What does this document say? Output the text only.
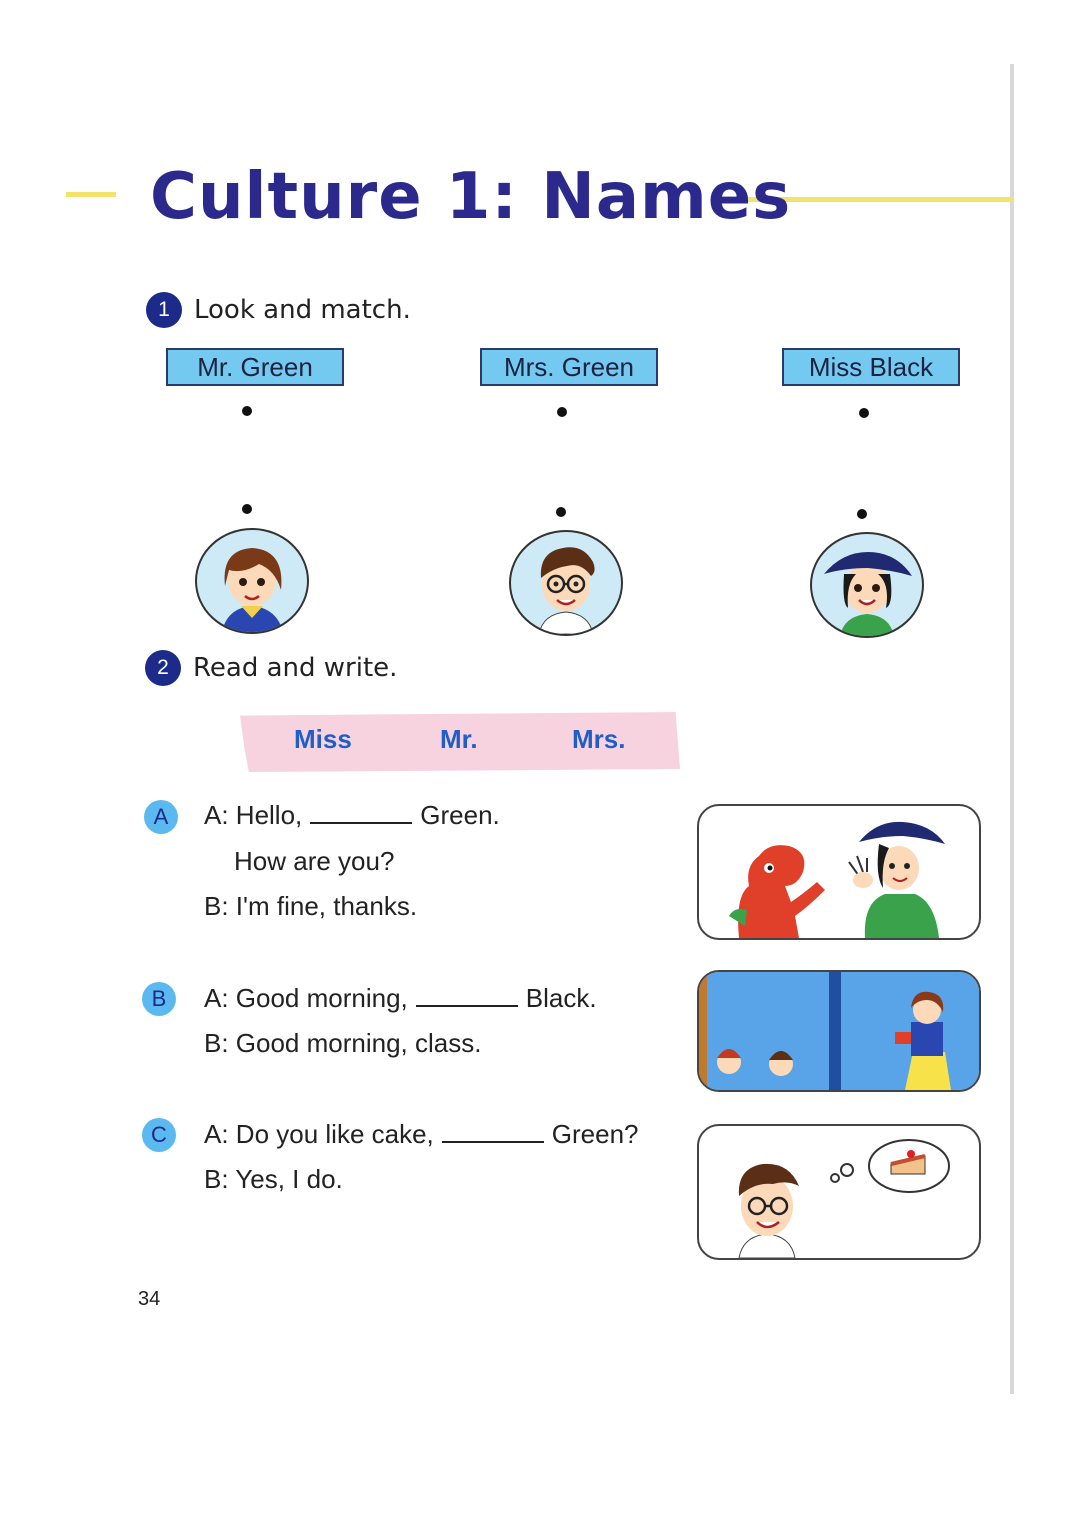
Culture 1: Names
1 Look and match.
Mr. Green	Mrs. Green	Miss Black
2 Read and write.
Miss	Mr.	Mrs.
A	A: Hello,	Green.
How are you?
B: I'm fine, thanks.
B	A: Good morning,	Black.
B: Good morning, class.
C	A: Do you like cake,	Green?
B: Yes, I do.
34
